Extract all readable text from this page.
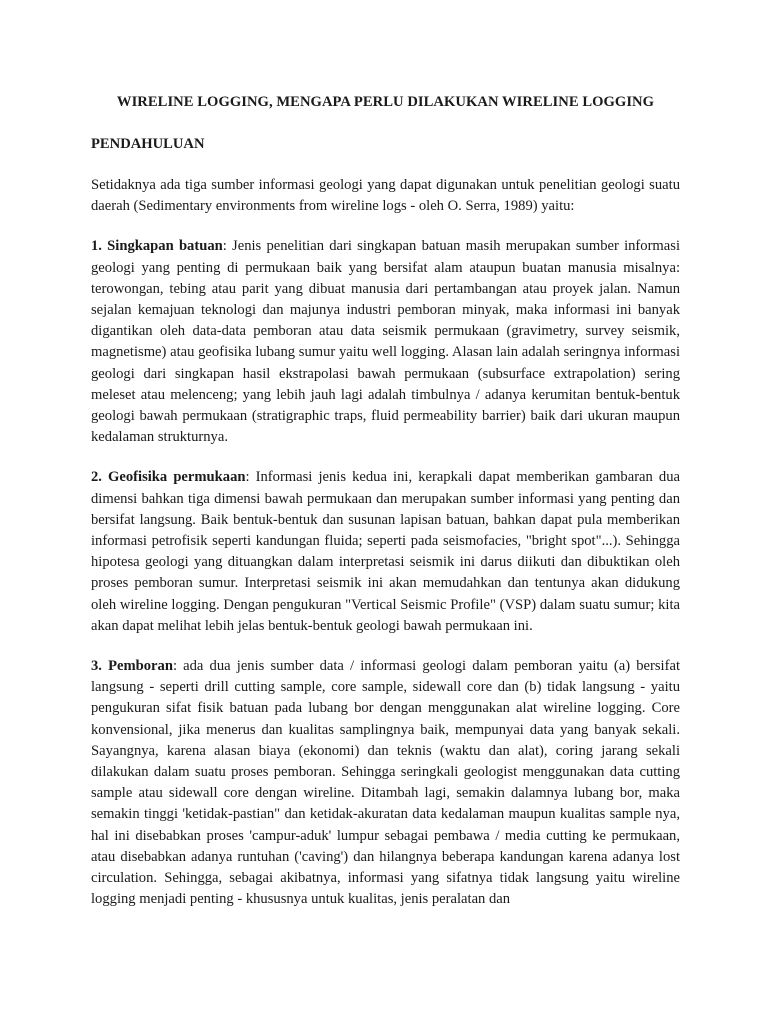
WIRELINE LOGGING, MENGAPA PERLU DILAKUKAN WIRELINE LOGGING

PENDAHULUAN

Setidaknya ada tiga sumber informasi geologi yang dapat digunakan untuk penelitian geologi suatu daerah (Sedimentary environments from wireline logs - oleh O. Serra, 1989) yaitu:

1. Singkapan batuan: Jenis penelitian dari singkapan batuan masih merupakan sumber informasi geologi yang penting di permukaan baik yang bersifat alam ataupun buatan manusia misalnya: terowongan, tebing atau parit yang dibuat manusia dari pertambangan atau proyek jalan. Namun sejalan kemajuan teknologi dan majunya industri pemboran minyak, maka informasi ini banyak digantikan oleh data-data pemboran atau data seismik permukaan (gravimetry, survey seismik, magnetisme) atau geofisika lubang sumur yaitu well logging. Alasan lain adalah seringnya informasi geologi dari singkapan hasil ekstrapolasi bawah permukaan (subsurface extrapolation) sering meleset atau melenceng; yang lebih jauh lagi adalah timbulnya / adanya kerumitan bentuk-bentuk geologi bawah permukaan (stratigraphic traps, fluid permeability barrier) baik dari ukuran maupun kedalaman strukturnya.

2. Geofisika permukaan: Informasi jenis kedua ini, kerapkali dapat memberikan gambaran dua dimensi bahkan tiga dimensi bawah permukaan dan merupakan sumber informasi yang penting dan bersifat langsung. Baik bentuk-bentuk dan susunan lapisan batuan, bahkan dapat pula memberikan informasi petrofisik seperti kandungan fluida; seperti pada seismofacies, "bright spot"...). Sehingga hipotesa geologi yang dituangkan dalam interpretasi seismik ini darus diikuti dan dibuktikan oleh proses pemboran sumur. Interpretasi seismik ini akan memudahkan dan tentunya akan didukung oleh wireline logging. Dengan pengukuran "Vertical Seismic Profile" (VSP) dalam suatu sumur; kita akan dapat melihat lebih jelas bentuk-bentuk geologi bawah permukaan ini.

3. Pemboran: ada dua jenis sumber data / informasi geologi dalam pemboran yaitu (a) bersifat langsung - seperti drill cutting sample, core sample, sidewall core dan (b) tidak langsung - yaitu pengukuran sifat fisik batuan pada lubang bor dengan menggunakan alat wireline logging. Core konvensional, jika menerus dan kualitas samplingnya baik, mempunyai data yang banyak sekali. Sayangnya, karena alasan biaya (ekonomi) dan teknis (waktu dan alat), coring jarang sekali dilakukan dalam suatu proses pemboran. Sehingga seringkali geologist menggunakan data cutting sample atau sidewall core dengan wireline. Ditambah lagi, semakin dalamnya lubang bor, maka semakin tinggi 'ketidak-pastian" dan ketidak-akuratan data kedalaman maupun kualitas sample nya, hal ini disebabkan proses 'campur-aduk' lumpur sebagai pembawa / media cutting ke permukaan, atau disebabkan adanya runtuhan ('caving') dan hilangnya beberapa kandungan karena adanya lost circulation. Sehingga, sebagai akibatnya, informasi yang sifatnya tidak langsung yaitu wireline logging menjadi penting - khususnya untuk kualitas, jenis peralatan dan
